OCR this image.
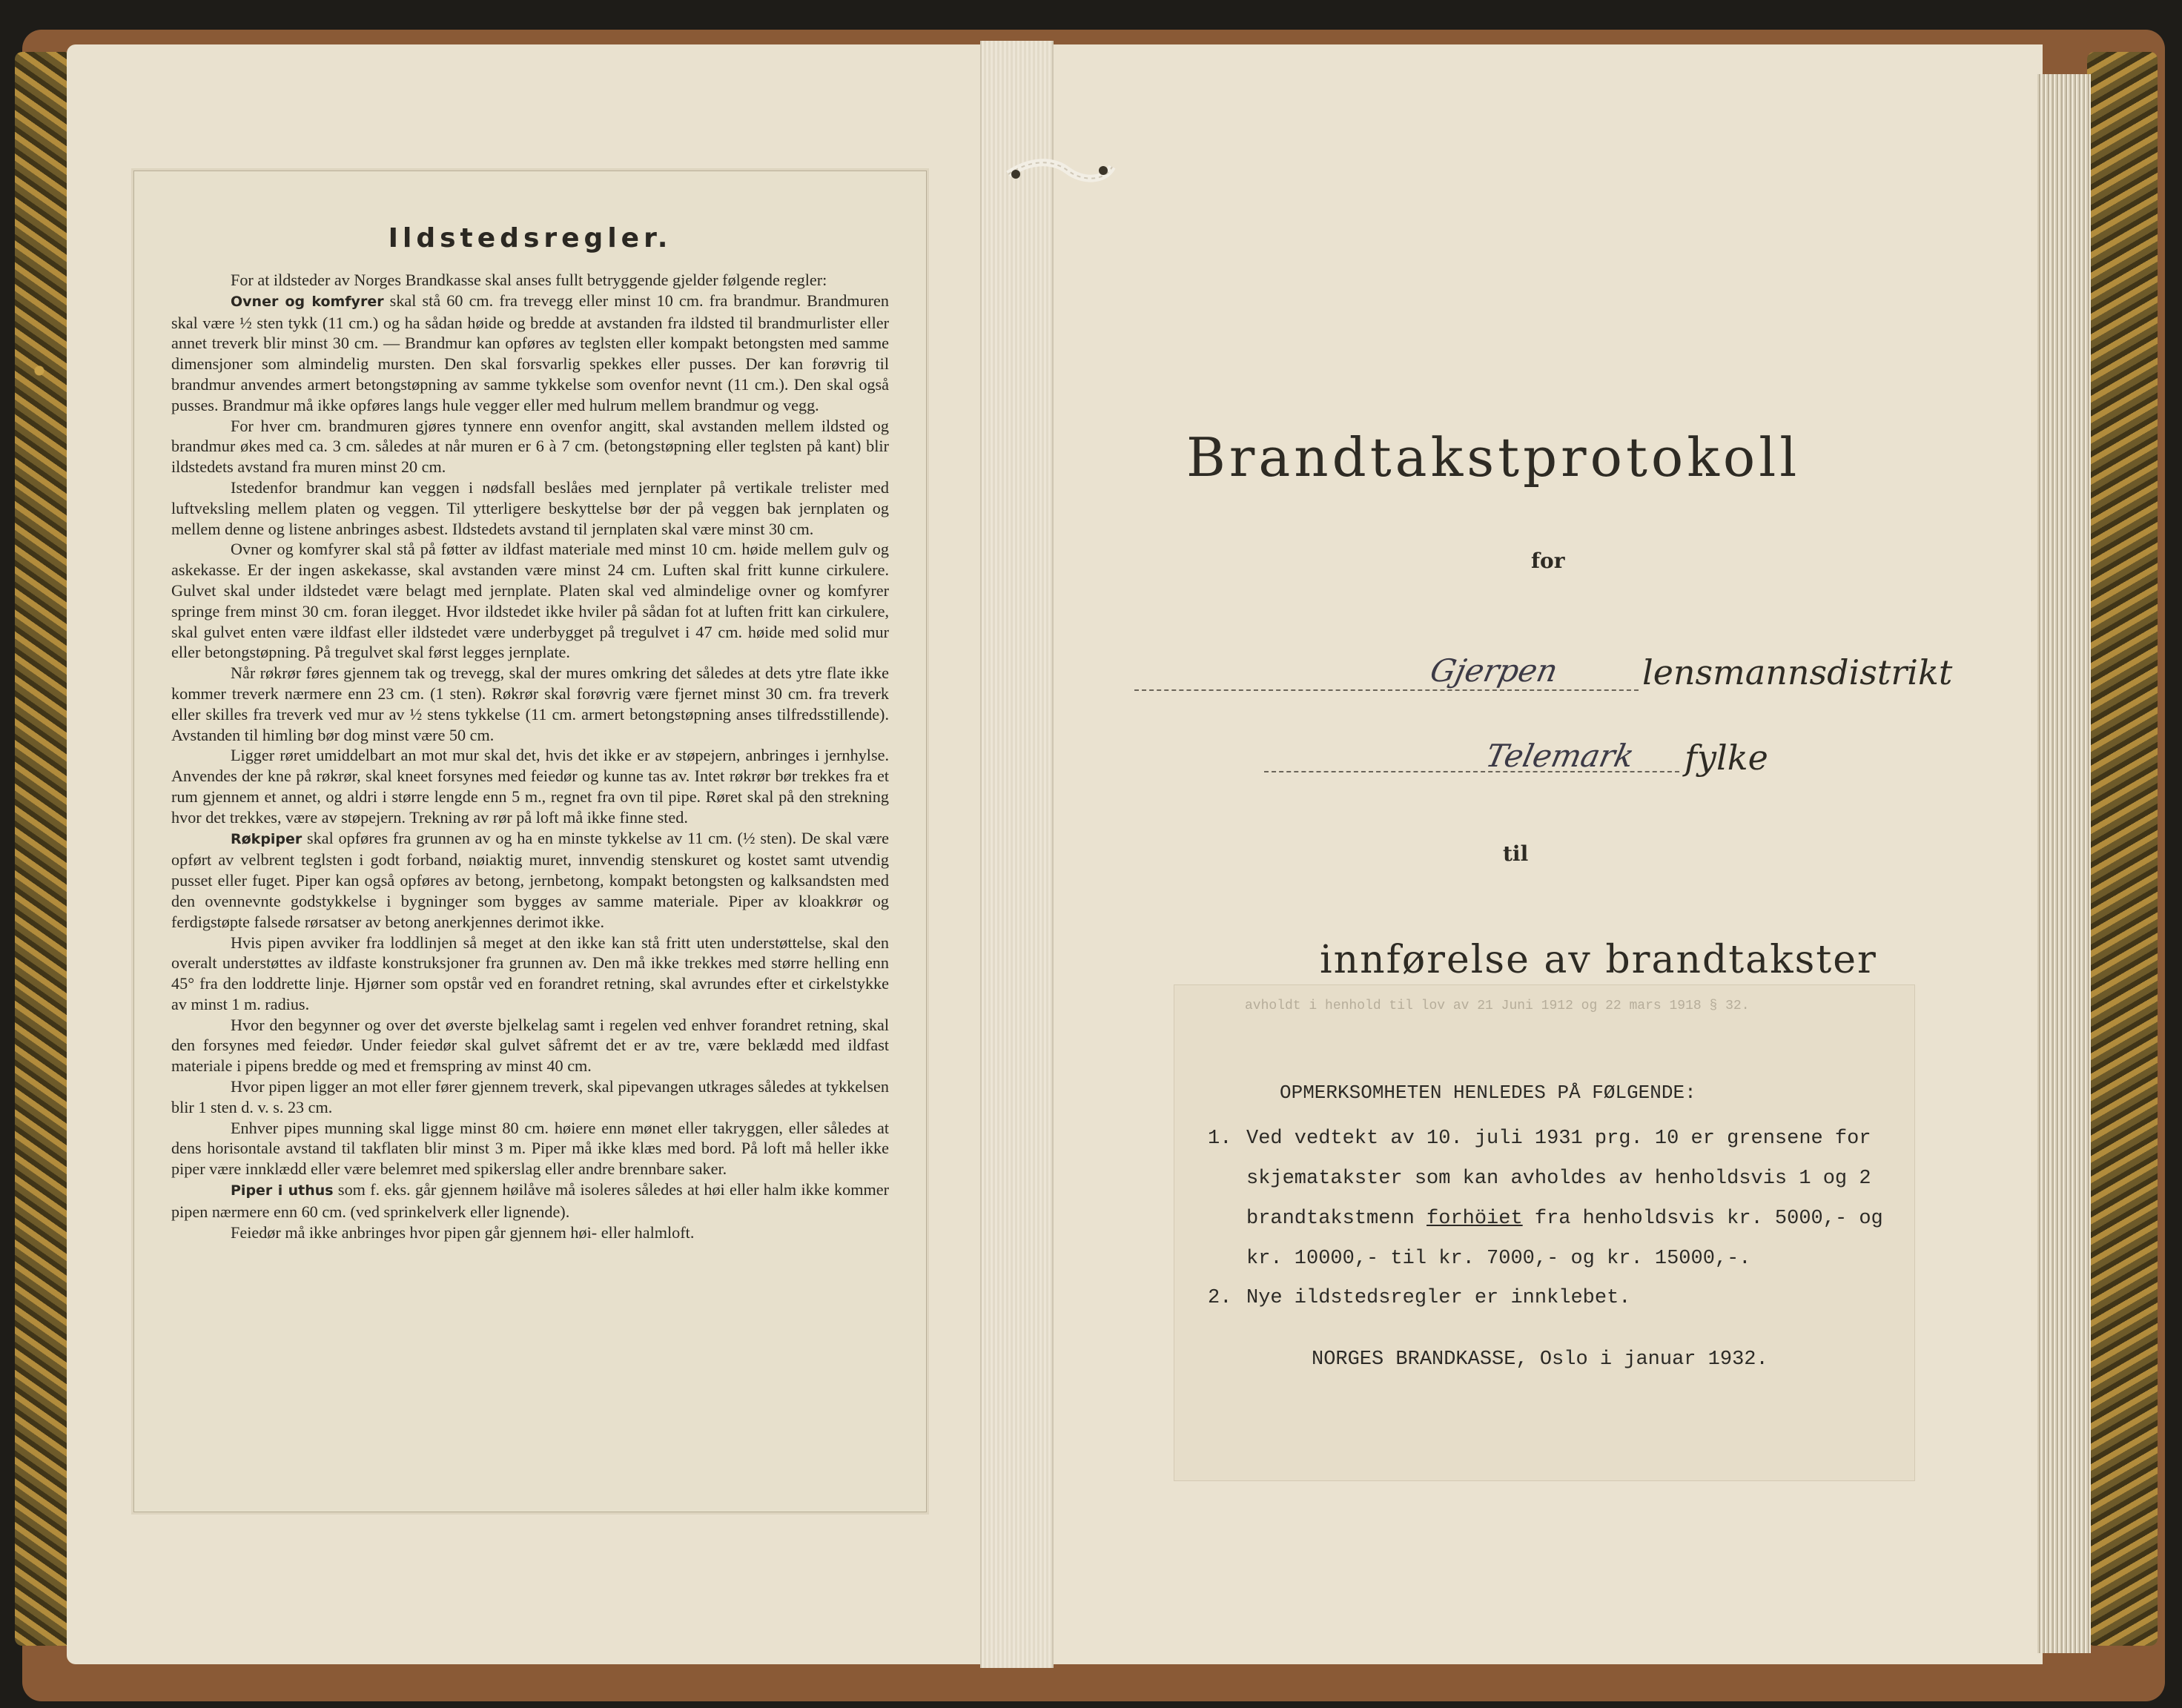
Ildstedsregler.

For at ildsteder av Norges Brandkasse skal anses fullt betryggende gjelder følgende regler:

Ovner og komfyrer skal stå 60 cm. fra trevegg eller minst 10 cm. fra brandmur. Brandmuren skal være ½ sten tykk (11 cm.) og ha sådan høide og bredde at avstanden fra ildsted til brandmurlister eller annet treverk blir minst 30 cm. — Brandmur kan opføres av teglsten eller kompakt betongsten med samme dimensjoner som almindelig mursten. Den skal forsvarlig spekkes eller pusses. Der kan forøvrig til brandmur anvendes armert betongstøpning av samme tykkelse som ovenfor nevnt (11 cm.). Den skal også pusses. Brandmur må ikke opføres langs hule vegger eller med hulrum mellem brandmur og vegg.

For hver cm. brandmuren gjøres tynnere enn ovenfor angitt, skal avstanden mellem ildsted og brandmur økes med ca. 3 cm. således at når muren er 6 à 7 cm. (betongstøpning eller teglsten på kant) blir ildstedets avstand fra muren minst 20 cm.

Istedenfor brandmur kan veggen i nødsfall beslåes med jernplater på vertikale trelister med luftveksling mellem platen og veggen. Til ytterligere beskyttelse bør der på veggen bak jernplaten og mellem denne og listene anbringes asbest. Ildstedets avstand til jernplaten skal være minst 30 cm.

Ovner og komfyrer skal stå på føtter av ildfast materiale med minst 10 cm. høide mellem gulv og askekasse. Er der ingen askekasse, skal avstanden være minst 24 cm. Luften skal fritt kunne cirkulere. Gulvet skal under ildstedet være belagt med jernplate. Platen skal ved almindelige ovner og komfyrer springe frem minst 30 cm. foran ilegget. Hvor ildstedet ikke hviler på sådan fot at luften fritt kan cirkulere, skal gulvet enten være ildfast eller ildstedet være underbygget på tregulvet i 47 cm. høide med solid mur eller betongstøpning. På tregulvet skal først legges jernplate.

Når røkrør føres gjennem tak og trevegg, skal der mures omkring det således at dets ytre flate ikke kommer treverk nærmere enn 23 cm. (1 sten). Røkrør skal forøvrig være fjernet minst 30 cm. fra treverk eller skilles fra treverk ved mur av ½ stens tykkelse (11 cm. armert betongstøpning anses tilfredsstillende). Avstanden til himling bør dog minst være 50 cm.

Ligger røret umiddelbart an mot mur skal det, hvis det ikke er av støpejern, anbringes i jernhylse. Anvendes der kne på røkrør, skal kneet forsynes med feiedør og kunne tas av. Intet røkrør bør trekkes fra et rum gjennem et annet, og aldri i større lengde enn 5 m., regnet fra ovn til pipe. Røret skal på den strekning hvor det trekkes, være av støpejern. Trekning av rør på loft må ikke finne sted.

Røkpiper skal opføres fra grunnen av og ha en minste tykkelse av 11 cm. (½ sten). De skal være opført av velbrent teglsten i godt forband, nøiaktig muret, innvendig stenskuret og kostet samt utvendig pusset eller fuget. Piper kan også opføres av betong, jernbetong, kompakt betongsten og kalksandsten med den ovennevnte godstykkelse i bygninger som bygges av samme materiale. Piper av kloakkrør og ferdigstøpte falsede rørsatser av betong anerkjennes derimot ikke.

Hvis pipen avviker fra loddlinjen så meget at den ikke kan stå fritt uten understøttelse, skal den overalt understøttes av ildfaste konstruksjoner fra grunnen av. Den må ikke trekkes med større helling enn 45° fra den loddrette linje. Hjørner som opstår ved en forandret retning, skal avrundes efter et cirkelstykke av minst 1 m. radius.

Hvor den begynner og over det øverste bjelkelag samt i regelen ved enhver forandret retning, skal den forsynes med feiedør. Under feiedør skal gulvet såfremt det er av tre, være beklædd med ildfast materiale i pipens bredde og med et fremspring av minst 40 cm.

Hvor pipen ligger an mot eller fører gjennem treverk, skal pipevangen utkrages således at tykkelsen blir 1 sten d. v. s. 23 cm.

Enhver pipes munning skal ligge minst 80 cm. høiere enn mønet eller takryggen, eller således at dens horisontale avstand til takflaten blir minst 3 m. Piper må ikke klæs med bord. På loft må heller ikke piper være innklædd eller være belemret med spikerslag eller andre brennbare saker.

Piper i uthus som f. eks. går gjennem høilåve må isoleres således at høi eller halm ikke kommer pipen nærmere enn 60 cm. (ved sprinkelverk eller lignende).

Feiedør må ikke anbringes hvor pipen går gjennem høi- eller halmloft.

Brandtakstprotokoll
for
Gjerpen lensmannsdistrikt
Telemark fylke
til
innførelse av brandtakster
avholdt i henhold til lov av 21 Juni 1912 og 22 mars 1918 § 32.
OPMERKSOMHETEN HENLEDES PÅ FØLGENDE:
1. Ved vedtekt av 10. juli 1931 prg. 10 er grensene for
skjematakster som kan avholdes av henholdsvis 1 og 2
brandtakstmenn forhöiet fra henholdsvis kr. 5000,- og
kr. 10000,- til kr. 7000,- og kr. 15000,-.
2. Nye ildstedsregler er innklebet.
NORGES BRANDKASSE, Oslo i januar 1932.
